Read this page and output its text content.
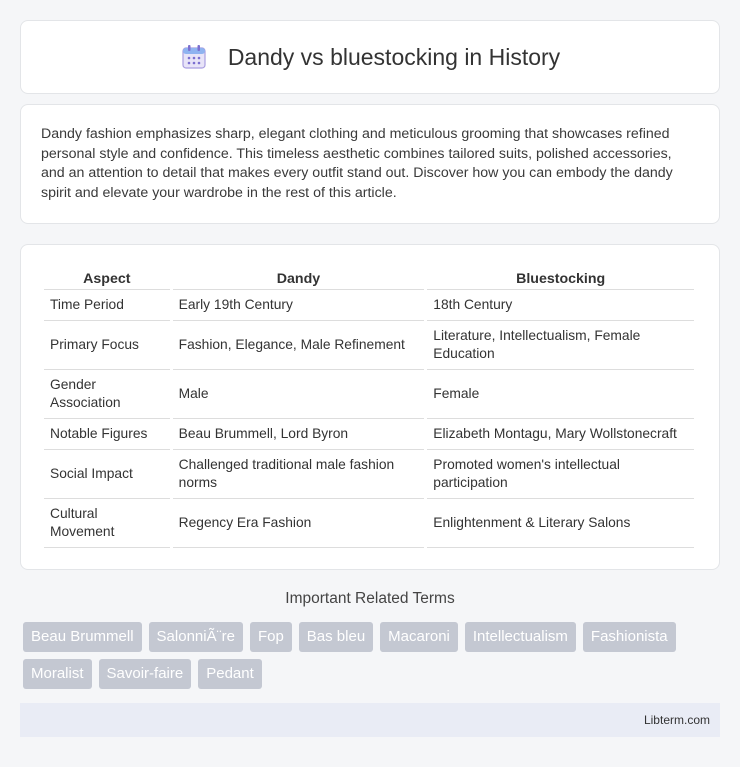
Dandy vs bluestocking in History

Dandy fashion emphasizes sharp, elegant clothing and meticulous grooming that showcases refined personal style and confidence. This timeless aesthetic combines tailored suits, polished accessories, and an attention to detail that makes every outfit stand out. Discover how you can embody the dandy spirit and elevate your wardrobe in the rest of this article.

Aspect	Dandy	Bluestocking
Time Period	Early 19th Century	18th Century
Primary Focus	Fashion, Elegance, Male Refinement	Literature, Intellectualism, Female Education
Gender Association	Male	Female
Notable Figures	Beau Brummell, Lord Byron	Elizabeth Montagu, Mary Wollstonecraft
Social Impact	Challenged traditional male fashion norms	Promoted women's intellectual participation
Cultural Movement	Regency Era Fashion	Enlightenment & Literary Salons
Important Related Terms
Beau Brummell	SalonniÃ¨re	Fop	Bas bleu	Macaroni	Intellectualism	Fashionista
Moralist	Savoir-faire	Pedant
Libterm.com
